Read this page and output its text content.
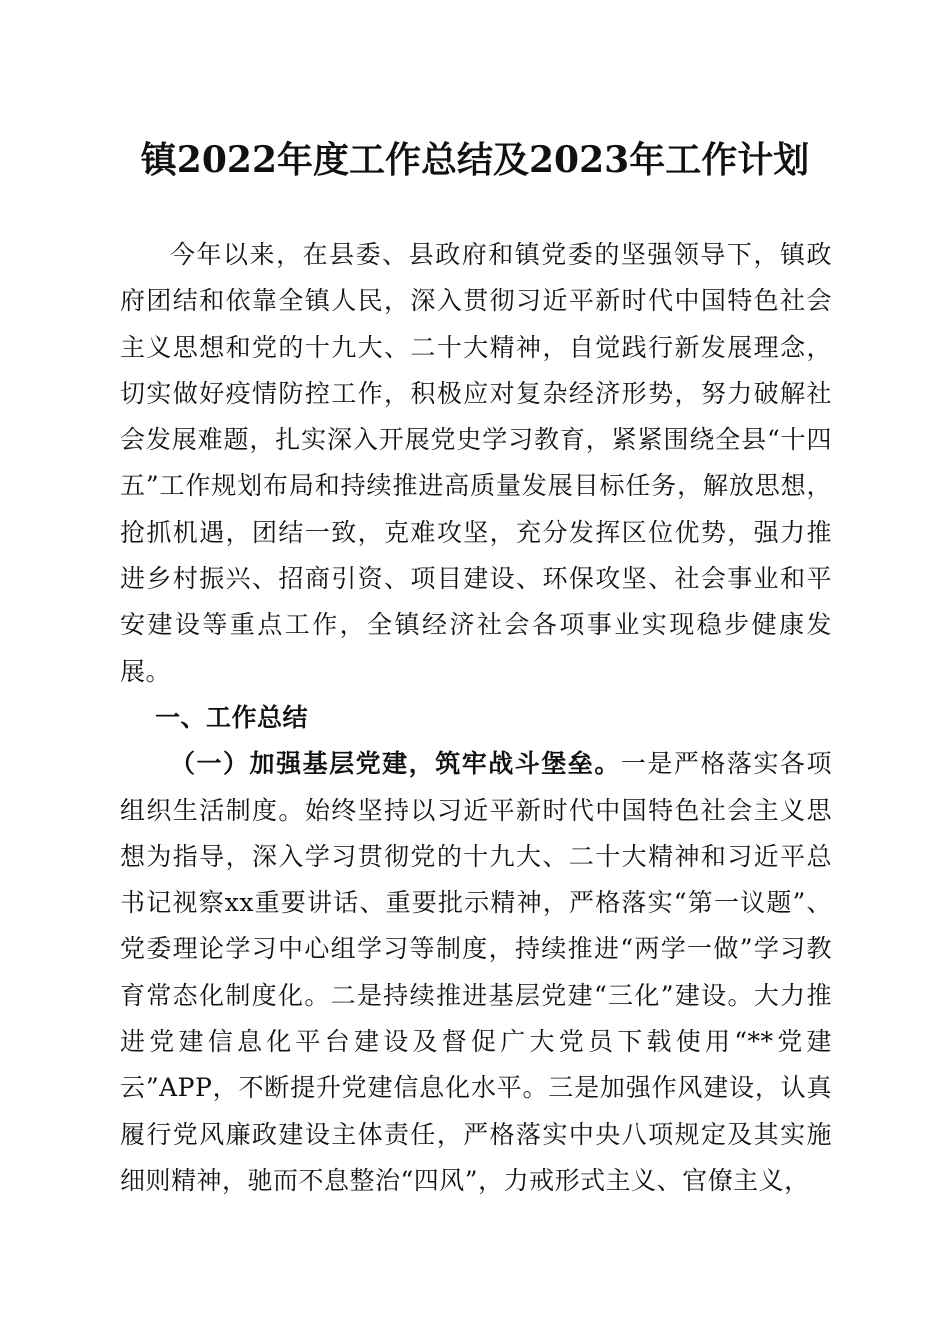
镇2022年度工作总结及2023年工作计划

今年以来，在县委、县政府和镇党委的坚强领导下，镇政府团结和依靠全镇人民，深入贯彻习近平新时代中国特色社会主义思想和党的十九大、二十大精神，自觉践行新发展理念，切实做好疫情防控工作，积极应对复杂经济形势，努力破解社会发展难题，扎实深入开展党史学习教育，紧紧围绕全县“十四五”工作规划布局和持续推进高质量发展目标任务，解放思想，抢抓机遇，团结一致，克难攻坚，充分发挥区位优势，强力推进乡村振兴、招商引资、项目建设、环保攻坚、社会事业和平安建设等重点工作，全镇经济社会各项事业实现稳步健康发展。

一、工作总结

（一）加强基层党建，筑牢战斗堡垒。一是严格落实各项组织生活制度。始终坚持以习近平新时代中国特色社会主义思想为指导，深入学习贯彻党的十九大、二十大精神和习近平总书记视察xx重要讲话、重要批示精神，严格落实“第一议题”、党委理论学习中心组学习等制度，持续推进“两学一做”学习教育常态化制度化。二是持续推进基层党建“三化”建设。大力推进党建信息化平台建设及督促广大党员下载使用“**党建云”APP，不断提升党建信息化水平。三是加强作风建设，认真履行党风廉政建设主体责任，严格落实中央八项规定及其实施细则精神，驰而不息整治“四风”，力戒形式主义、官僚主义，
